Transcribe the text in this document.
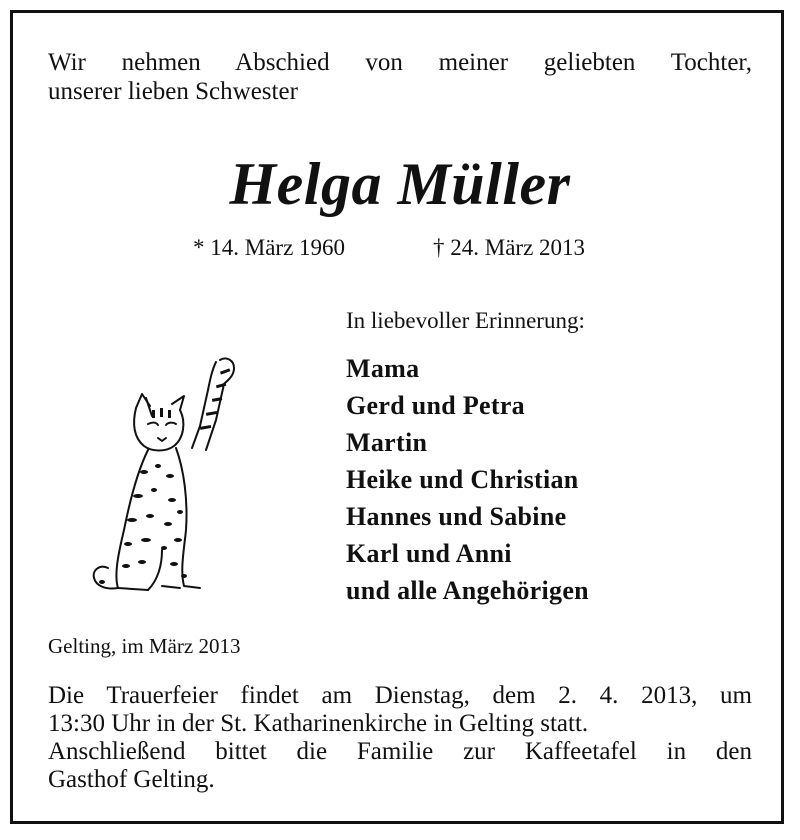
Wir nehmen Abschied von meiner geliebten Tochter,
unserer lieben Schwester
Helga Müller
* 14. März 1960	† 24. März 2013
In liebevoller Erinnerung:
Mama
Gerd und Petra
Martin
Heike und Christian
Hannes und Sabine
Karl und Anni
und alle Angehörigen
Gelting, im März 2013
Die Trauerfeier findet am Dienstag, dem 2. 4. 2013, um
13:30 Uhr in der St. Katharinenkirche in Gelting statt.
Anschließend bittet die Familie zur Kaffeetafel in den
Gasthof Gelting.
